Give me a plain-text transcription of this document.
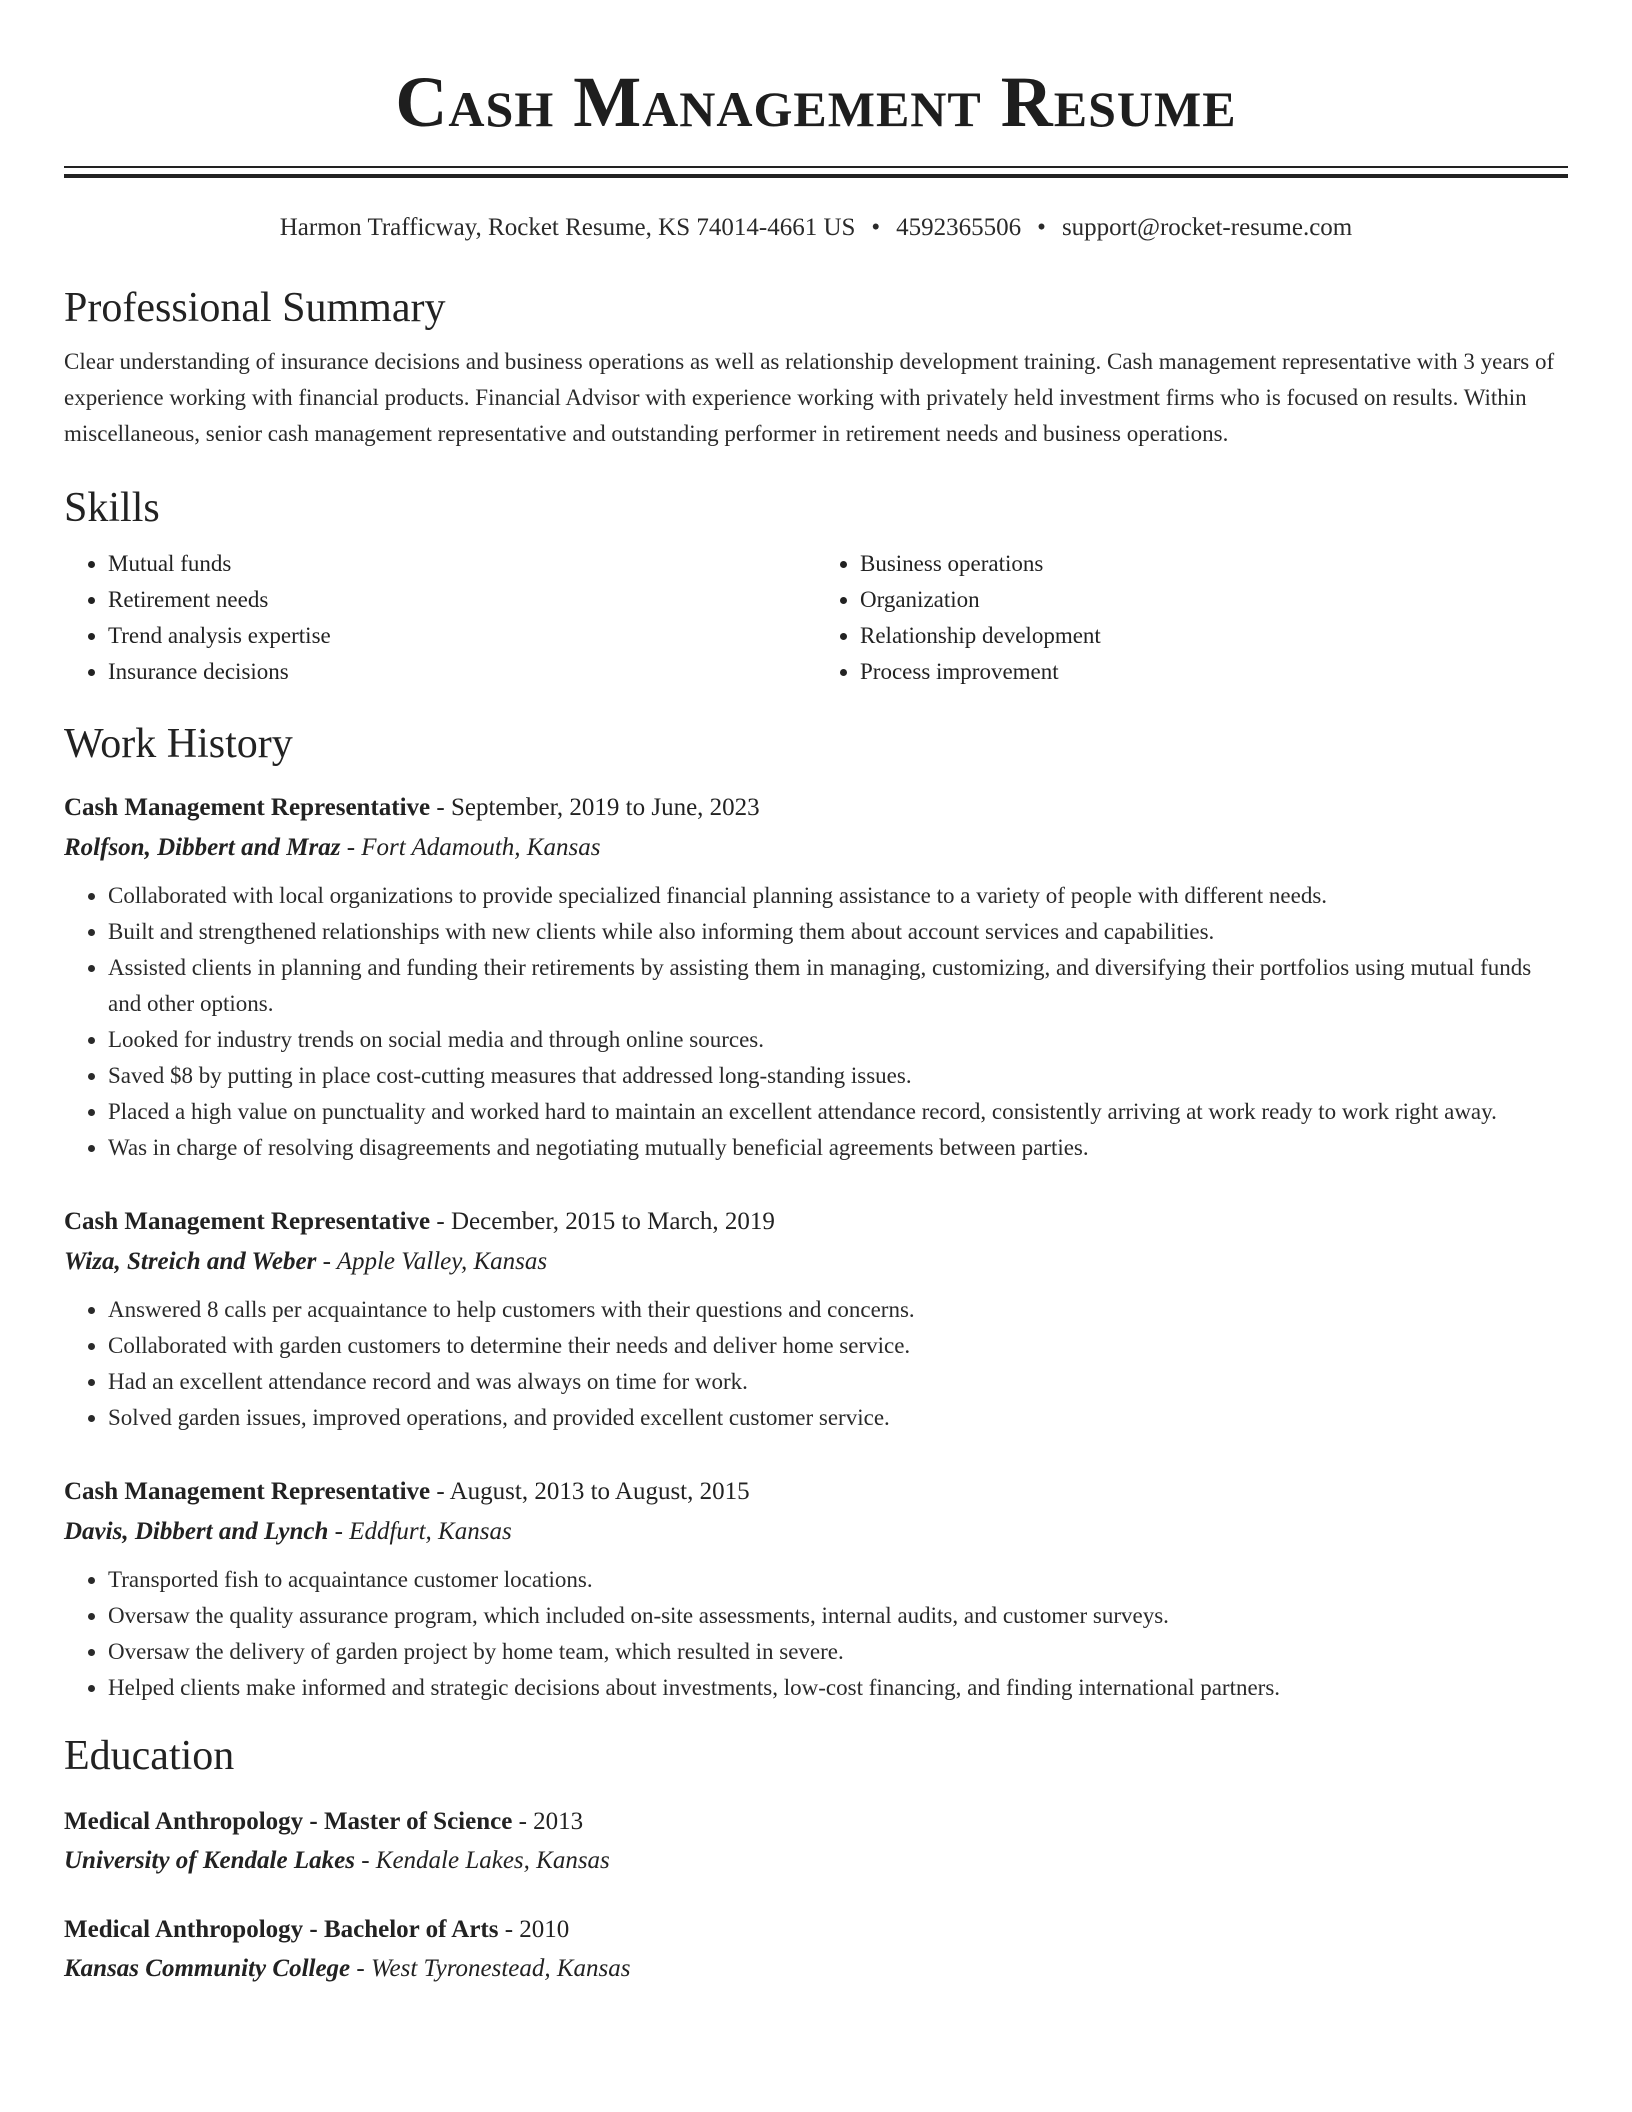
Cash Management Resume
Harmon Trafficway, Rocket Resume, KS 74014-4661 US • 4592365506 • support@rocket-resume.com
Professional Summary
Clear understanding of insurance decisions and business operations as well as relationship development training. Cash management representative with 3 years of experience working with financial products. Financial Advisor with experience working with privately held investment firms who is focused on results. Within miscellaneous, senior cash management representative and outstanding performer in retirement needs and business operations.
Skills
• Mutual funds
• Retirement needs
• Trend analysis expertise
• Insurance decisions
• Business operations
• Organization
• Relationship development
• Process improvement
Work History
Cash Management Representative - September, 2019 to June, 2023
Rolfson, Dibbert and Mraz - Fort Adamouth, Kansas
• Collaborated with local organizations to provide specialized financial planning assistance to a variety of people with different needs.
• Built and strengthened relationships with new clients while also informing them about account services and capabilities.
• Assisted clients in planning and funding their retirements by assisting them in managing, customizing, and diversifying their portfolios using mutual funds and other options.
• Looked for industry trends on social media and through online sources.
• Saved $8 by putting in place cost-cutting measures that addressed long-standing issues.
• Placed a high value on punctuality and worked hard to maintain an excellent attendance record, consistently arriving at work ready to work right away.
• Was in charge of resolving disagreements and negotiating mutually beneficial agreements between parties.
Cash Management Representative - December, 2015 to March, 2019
Wiza, Streich and Weber - Apple Valley, Kansas
• Answered 8 calls per acquaintance to help customers with their questions and concerns.
• Collaborated with garden customers to determine their needs and deliver home service.
• Had an excellent attendance record and was always on time for work.
• Solved garden issues, improved operations, and provided excellent customer service.
Cash Management Representative - August, 2013 to August, 2015
Davis, Dibbert and Lynch - Eddfurt, Kansas
• Transported fish to acquaintance customer locations.
• Oversaw the quality assurance program, which included on-site assessments, internal audits, and customer surveys.
• Oversaw the delivery of garden project by home team, which resulted in severe.
• Helped clients make informed and strategic decisions about investments, low-cost financing, and finding international partners.
Education
Medical Anthropology - Master of Science - 2013
University of Kendale Lakes - Kendale Lakes, Kansas
Medical Anthropology - Bachelor of Arts - 2010
Kansas Community College - West Tyronestead, Kansas
